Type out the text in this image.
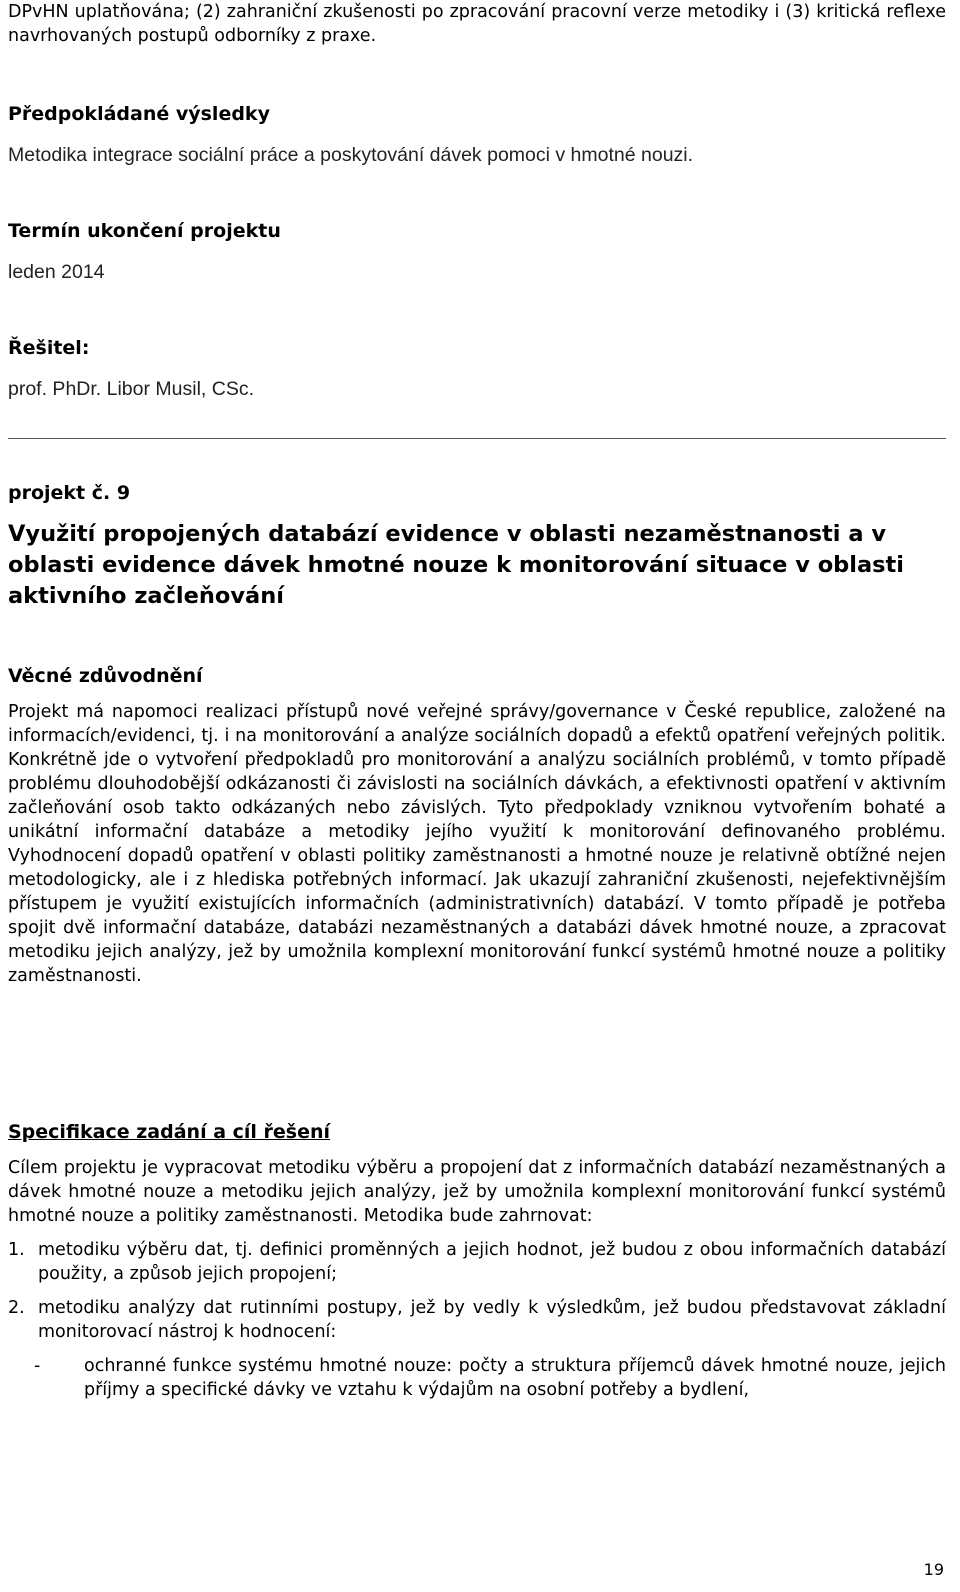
DPvHN uplatňována; (2) zahraniční zkušenosti po zpracování pracovní verze metodiky i (3) kritická reflexe navrhovaných postupů odborníky z praxe.

Předpokládané výsledky

Metodika integrace sociální práce a poskytování dávek pomoci v hmotné nouzi.

Termín ukončení projektu

leden 2014

Řešitel:

prof. PhDr. Libor Musil, CSc.

projekt č. 9

Využití propojených databází evidence v oblasti nezaměstnanosti a v oblasti evidence dávek hmotné nouze k monitorování situace v oblasti aktivního začleňování

Věcné zdůvodnění

Projekt má napomoci realizaci přístupů nové veřejné správy/governance v České republice, založené na informacích/evidenci, tj. i na monitorování a analýze sociálních dopadů a efektů opatření veřejných politik. Konkrétně jde o vytvoření předpokladů pro monitorování a analýzu sociálních problémů, v tomto případě problému dlouhodobější odkázanosti či závislosti na sociálních dávkách, a efektivnosti opatření v aktivním začleňování osob takto odkázaných nebo závislých. Tyto předpoklady vzniknou vytvořením bohaté a unikátní informační databáze a metodiky jejího využití k monitorování definovaného problému. Vyhodnocení dopadů opatření v oblasti politiky zaměstnanosti a hmotné nouze je relativně obtížné nejen metodologicky, ale i z hlediska potřebných informací. Jak ukazují zahraniční zkušenosti, nejefektivnějším přístupem je využití existujících informačních (administrativních) databází. V tomto případě je potřeba spojit dvě informační databáze, databázi nezaměstnaných a databázi dávek hmotné nouze, a zpracovat metodiku jejich analýzy, jež by umožnila komplexní monitorování funkcí systémů hmotné nouze a politiky zaměstnanosti.

Specifikace zadání a cíl řešení

Cílem projektu je vypracovat metodiku výběru a propojení dat z informačních databází nezaměstnaných a dávek hmotné nouze a metodiku jejich analýzy, jež by umožnila komplexní monitorování funkcí systémů hmotné nouze a politiky zaměstnanosti. Metodika bude zahrnovat:

1. metodiku výběru dat, tj. definici proměnných a jejich hodnot, jež budou z obou informačních databází použity, a způsob jejich propojení;
2. metodiku analýzy dat rutinními postupy, jež by vedly k výsledkům, jež budou představovat základní monitorovací nástroj k hodnocení:
- ochranné funkce systému hmotné nouze: počty a struktura příjemců dávek hmotné nouze, jejich příjmy a specifické dávky ve vztahu k výdajům na osobní potřeby a bydlení,
19
